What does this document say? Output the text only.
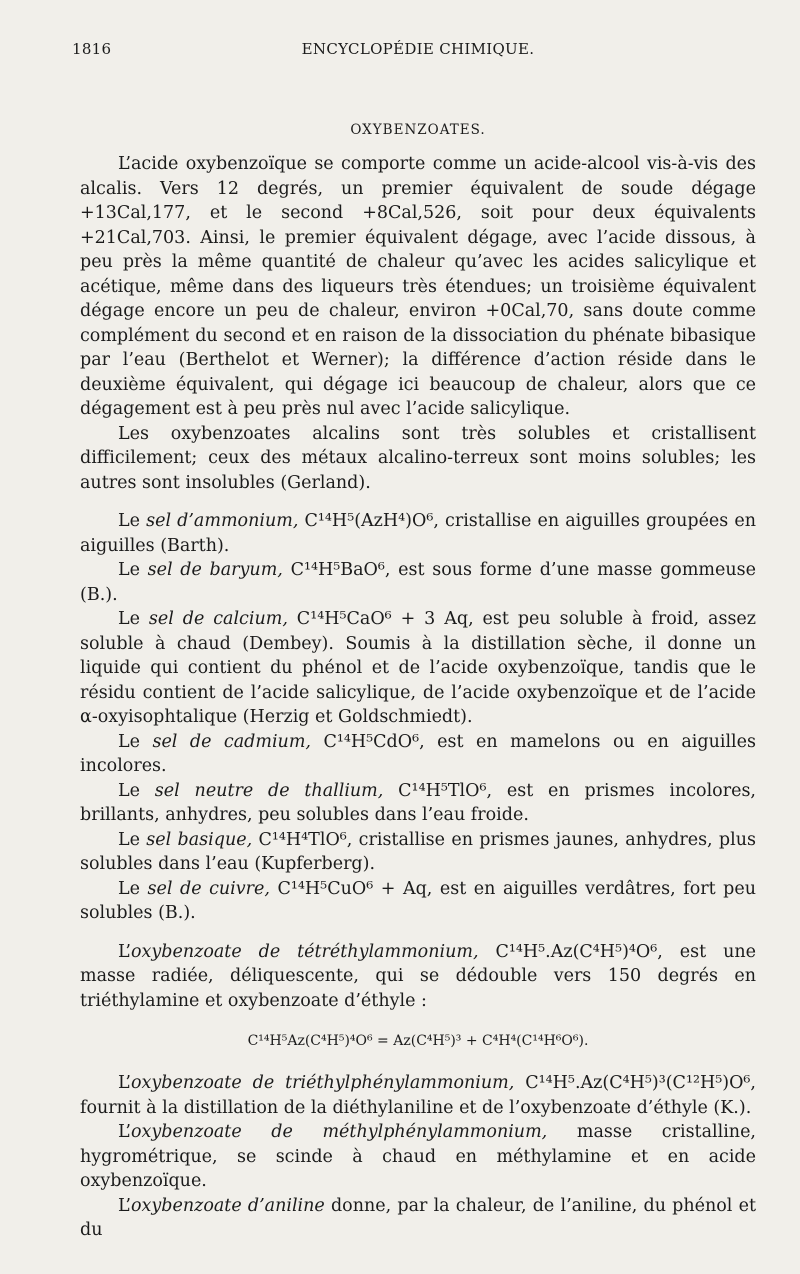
1816	ENCYCLOPÉDIE CHIMIQUE.
OXYBENZOATES.

L’acide oxybenzoïque se comporte comme un acide-alcool vis-à-vis des alcalis. Vers 12 degrés, un premier équivalent de soude dégage +13Cal,177, et le second +8Cal,526, soit pour deux équivalents +21Cal,703. Ainsi, le premier équivalent dégage, avec l’acide dissous, à peu près la même quantité de chaleur qu’avec les acides salicylique et acétique, même dans des liqueurs très étendues; un troisième équivalent dégage encore un peu de chaleur, environ +0Cal,70, sans doute comme complément du second et en raison de la dissociation du phénate bibasique par l’eau (Berthelot et Werner); la différence d’action réside dans le deuxième équivalent, qui dégage ici beaucoup de chaleur, alors que ce dégagement est à peu près nul avec l’acide salicylique.

Les oxybenzoates alcalins sont très solubles et cristallisent difficilement; ceux des métaux alcalino-terreux sont moins solubles; les autres sont insolubles (Gerland).

Le sel d’ammonium, C¹⁴H⁵(AzH⁴)O⁶, cristallise en aiguilles groupées en aiguilles (Barth).

Le sel de baryum, C¹⁴H⁵BaO⁶, est sous forme d’une masse gommeuse (B.).

Le sel de calcium, C¹⁴H⁵CaO⁶ + 3 Aq, est peu soluble à froid, assez soluble à chaud (Dembey). Soumis à la distillation sèche, il donne un liquide qui contient du phénol et de l’acide oxybenzoïque, tandis que le résidu contient de l’acide salicylique, de l’acide oxybenzoïque et de l’acide α-oxyisophtalique (Herzig et Goldschmiedt).

Le sel de cadmium, C¹⁴H⁵CdO⁶, est en mamelons ou en aiguilles incolores.

Le sel neutre de thallium, C¹⁴H⁵TlO⁶, est en prismes incolores, brillants, anhydres, peu solubles dans l’eau froide.

Le sel basique, C¹⁴H⁴TlO⁶, cristallise en prismes jaunes, anhydres, plus solubles dans l’eau (Kupferberg).

Le sel de cuivre, C¹⁴H⁵CuO⁶ + Aq, est en aiguilles verdâtres, fort peu solubles (B.).

L’oxybenzoate de tétréthylammonium, C¹⁴H⁵.Az(C⁴H⁵)⁴O⁶, est une masse radiée, déliquescente, qui se dédouble vers 150 degrés en triéthylamine et oxybenzoate d’éthyle :

C¹⁴H⁵Az(C⁴H⁵)⁴O⁶ = Az(C⁴H⁵)³ + C⁴H⁴(C¹⁴H⁶O⁶).

L’oxybenzoate de triéthylphénylammonium, C¹⁴H⁵.Az(C⁴H⁵)³(C¹²H⁵)O⁶, fournit à la distillation de la diéthylaniline et de l’oxybenzoate d’éthyle (K.).

L’oxybenzoate de méthylphénylammonium, masse cristalline, hygrométrique, se scinde à chaud en méthylamine et en acide oxybenzoïque.

L’oxybenzoate d’aniline donne, par la chaleur, de l’aniline, du phénol et du
